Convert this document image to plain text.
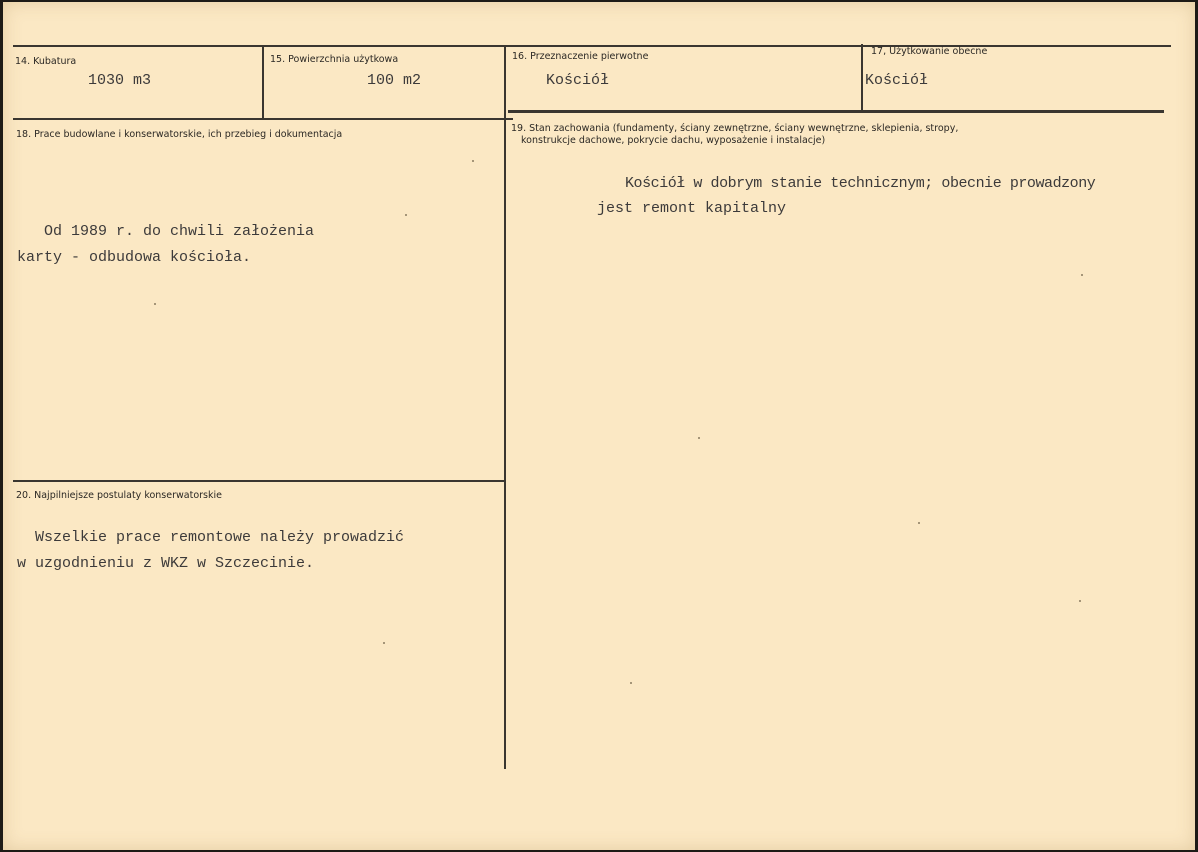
14. Kubatura
1030 m3
15. Powierzchnia użytkowa
100 m2
16. Przeznaczenie pierwotne
Kościół
17, Użytkowanie obecne
Kościół
18. Prace budowlane i konserwatorskie, ich przebieg i dokumentacja
Od 1989 r. do chwili założenia
karty - odbudowa kościoła.
19. Stan zachowania (fundamenty, ściany zewnętrzne, ściany wewnętrzne, sklepienia, stropy,
konstrukcje dachowe, pokrycie dachu, wyposażenie i instalacje)
Kościół w dobrym stanie technicznym; obecnie prowadzony
jest remont kapitalny
20. Najpilniejsze postulaty konserwatorskie
Wszelkie prace remontowe należy prowadzić
w uzgodnieniu z WKZ w Szczecinie.
